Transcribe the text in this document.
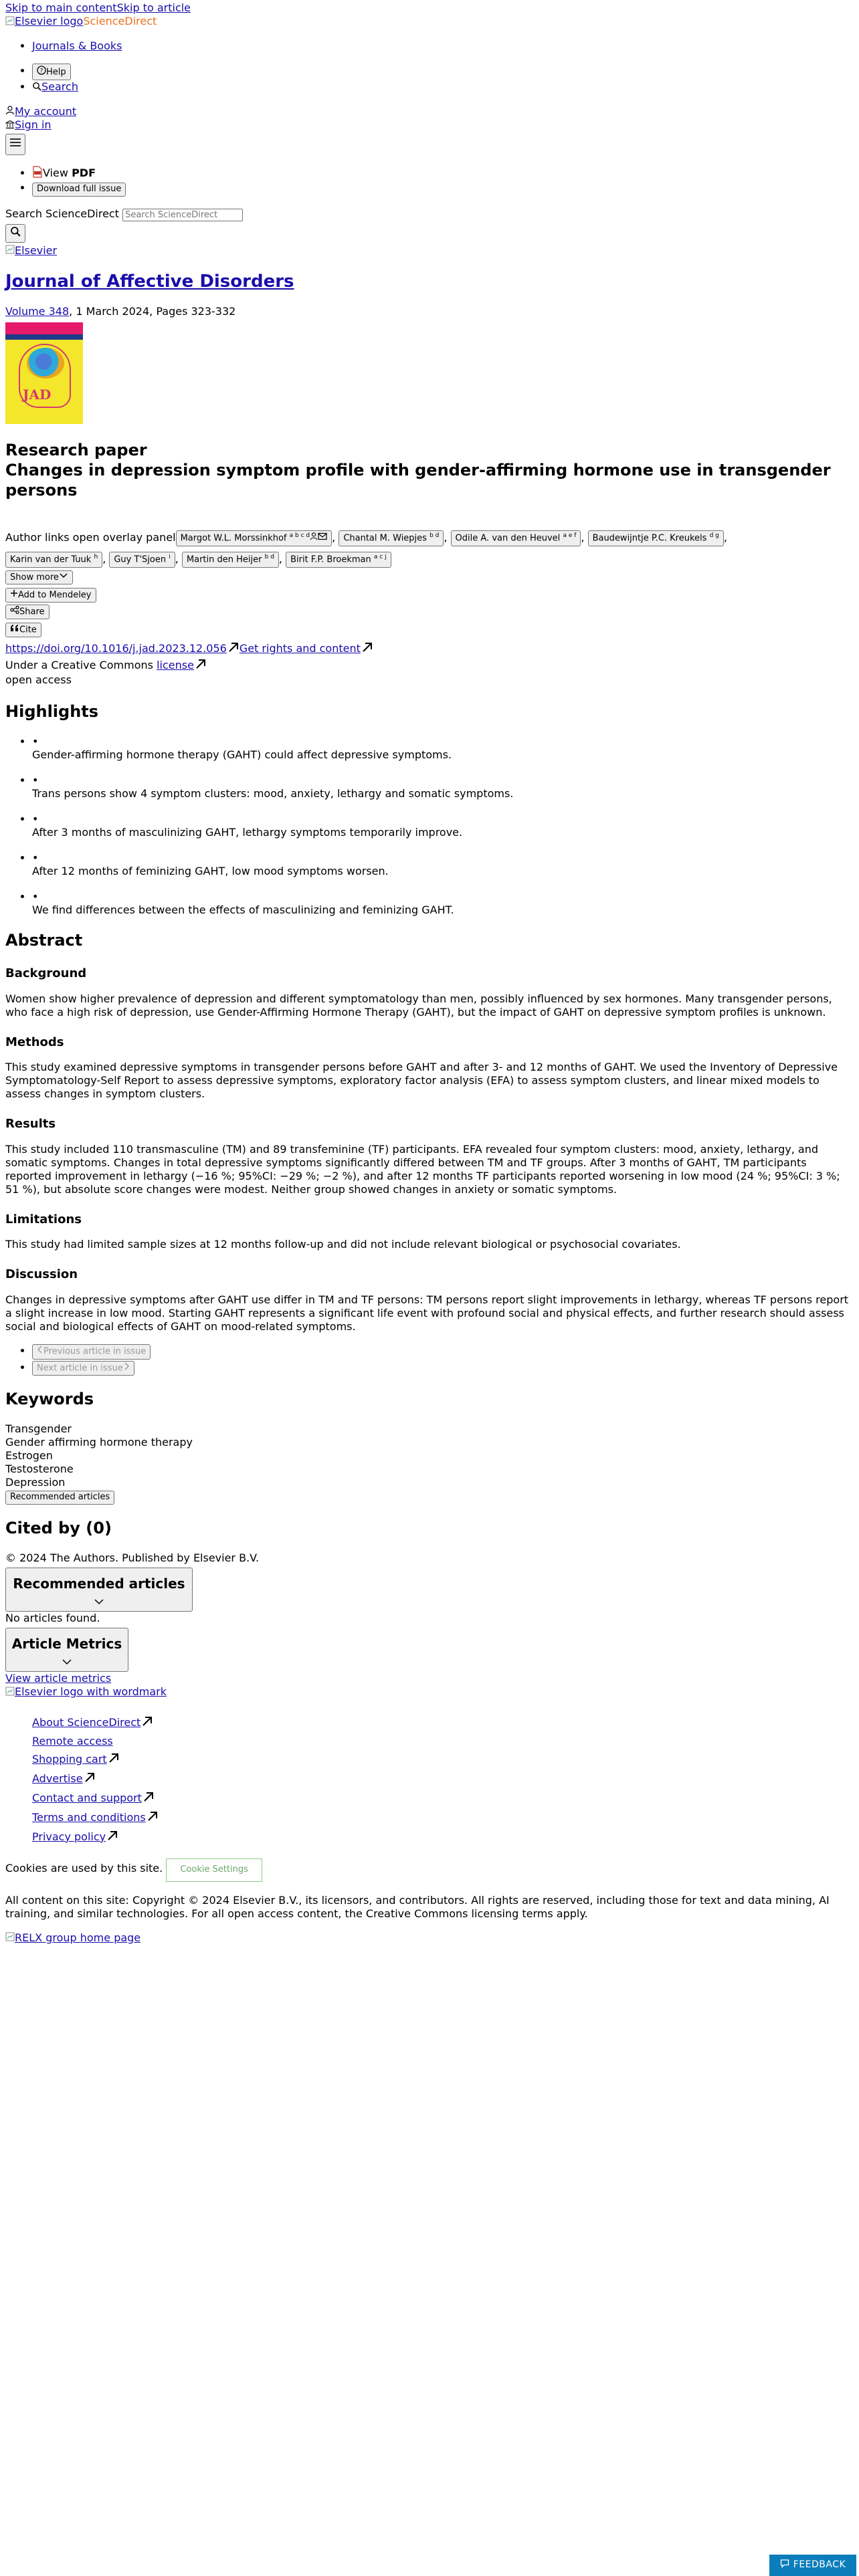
Skip to main contentSkip to article
Elsevier logoScienceDirect
• Journals & Books
• ? Help
• Search
My account
Sign in
• View PDF
• Download full issue
Search ScienceDirect Search ScienceDirect
Elsevier
Journal of Affective Disorders
Volume 348, 1 March 2024, Pages 323-332
JAD
Research paper
Changes in depression symptom profile with gender-affirming hormone use in transgender persons
Author links open overlay panel Margot W.L. Morssinkhof $^{a b c d}$ , Chantal M. Wiepjes $^{b d}$ , Odile A. van den Heuvel $^{a e f}$ , Baudewijntje P.C. Kreukels $^{d g}$ ,
Karin van der Tuuk $^h$ , Guy T'Sjoen $^i$ , Martin den Heijer $^{b d}$ , Birit F.P. Broekman $^{a c j}$
Show more
Add to Mendeley
Share
Cite
https://doi.org/10.1016/j.jad.2023.12.056 Get rights and content
Under a Creative Commons license
open access
Highlights
• •
Gender-affirming hormone therapy (GAHT) could affect depressive symptoms.
• •
Trans persons show 4 symptom clusters: mood, anxiety, lethargy and somatic symptoms.
• •
After 3 months of masculinizing GAHT, lethargy symptoms temporarily improve.
• •
After 12 months of feminizing GAHT, low mood symptoms worsen.
• •
We find differences between the effects of masculinizing and feminizing GAHT.
Abstract
Background

Women show higher prevalence of depression and different symptomatology than men, possibly influenced by sex hormones. Many transgender persons, who face a high risk of depression, use Gender-Affirming Hormone Therapy (GAHT), but the impact of GAHT on depressive symptom profiles is unknown.

Methods

This study examined depressive symptoms in transgender persons before GAHT and after 3- and 12 months of GAHT. We used the Inventory of Depressive Symptomatology-Self Report to assess depressive symptoms, exploratory factor analysis (EFA) to assess symptom clusters, and linear mixed models to assess changes in symptom clusters.

Results

This study included 110 transmasculine (TM) and 89 transfeminine (TF) participants. EFA revealed four symptom clusters: mood, anxiety, lethargy, and somatic symptoms. Changes in total depressive symptoms significantly differed between TM and TF groups. After 3 months of GAHT, TM participants reported improvement in lethargy (−16 %; 95%CI: −29 %; −2 %), and after 12 months TF participants reported worsening in low mood (24 %; 95%CI: 3 %; 51 %), but absolute score changes were modest. Neither group showed changes in anxiety or somatic symptoms.

Limitations

This study had limited sample sizes at 12 months follow-up and did not include relevant biological or psychosocial covariates.

Discussion

Changes in depressive symptoms after GAHT use differ in TM and TF persons: TM persons report slight improvements in lethargy, whereas TF persons report a slight increase in low mood. Starting GAHT represents a significant life event with profound social and physical effects, and further research should assess social and biological effects of GAHT on mood-related symptoms.

• Previous article in issue
• Next article in issue
Keywords
Transgender
Gender affirming hormone therapy
Estrogen
Testosterone
Depression
Recommended articles
Cited by (0)

© 2024 The Authors. Published by Elsevier B.V.

Recommended articles
No articles found.
Article Metrics
View article metrics
Elsevier logo with wordmark
About ScienceDirect
Remote access
Shopping cart
Advertise
Contact and support
Terms and conditions
Privacy policy

Cookies are used by this site. Cookie Settings

All content on this site: Copyright © 2024 Elsevier B.V., its licensors, and contributors. All rights are reserved, including those for text and data mining, AI training, and similar technologies. For all open access content, the Creative Commons licensing terms apply.

RELX group home page
FEEDBACK
